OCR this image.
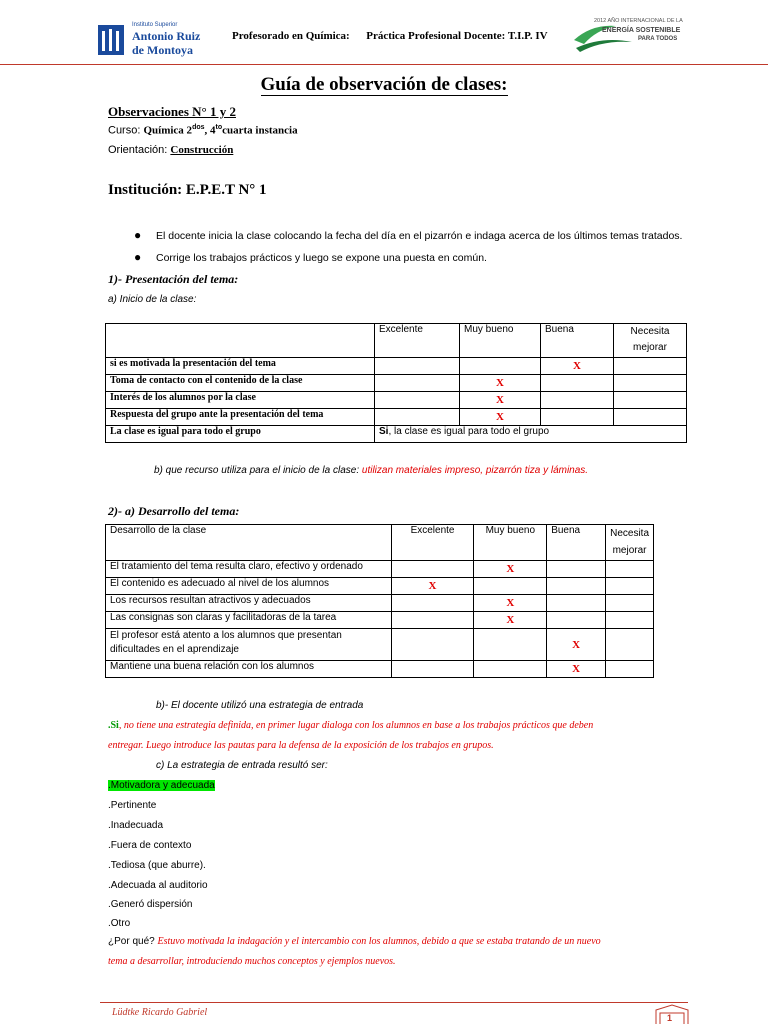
Instituto Superior
Antonio Ruiz
de Montoya
Profesorado en Química:      Práctica Profesional Docente: T.I.P. IV
2012 AÑO INTERNACIONAL DE LA
ENERGÍA SOSTENIBLE
PARA TODOS
Guía de observación de clases:
Observaciones N° 1 y 2
Curso: Química $2^{dos}$, $4^{to}cuarta$ instancia
Orientación: Construcción
Institución: E.P.E.T N° 1
● El docente inicia la clase colocando la fecha del día en el pizarrón e indaga acerca de los últimos temas tratados.
● Corrige los trabajos prácticos y luego se expone una puesta en común.
1)- Presentación del tema:
a) Inicio de la clase:
	Excelente	Muy bueno	Buena	Necesita
mejorar
si es motivada la presentación del tema			X	
Toma de contacto con el contenido de la clase		X		
Interés de los alumnos por la clase		X		
Respuesta del grupo ante la presentación del tema		X		
La clase es igual para todo el grupo	Si, la clase es igual para todo el grupo			
b) que recurso utiliza para el inicio de la clase: utilizan materiales impreso, pizarrón tiza y láminas.
2)- a) Desarrollo del tema:
Desarrollo de la clase	Excelente	Muy bueno	Buena	Necesita
mejorar
El tratamiento del tema resulta claro, efectivo y ordenado		X		
El contenido es adecuado al nivel de los alumnos	X			
Los recursos resultan atractivos y adecuados		X		
Las consignas son claras y facilitadoras de la tarea		X		
El profesor está atento a los alumnos que presentan
dificultades en el aprendizaje			X	
Mantiene una buena relación con los alumnos			X	
b)- El docente utilizó una estrategia de entrada
.Si, no tiene una estrategia definida, en primer lugar dialoga con los alumnos en base a los trabajos prácticos que deben
entregar. Luego introduce las pautas para la defensa de la exposición de los trabajos en grupos.
c) La estrategia de entrada resultó ser:
.Motivadora y adecuada
.Pertinente
.Inadecuada
.Fuera de contexto
.Tediosa (que aburre).
.Adecuada al auditorio
.Generó dispersión
.Otro
¿Por qué? Estuvo motivada la indagación y el intercambio con los alumnos, debido a que se estaba tratando de un nuevo
tema a desarrollar, introduciendo muchos conceptos y ejemplos nuevos.
Lüdtke Ricardo Gabriel	1
